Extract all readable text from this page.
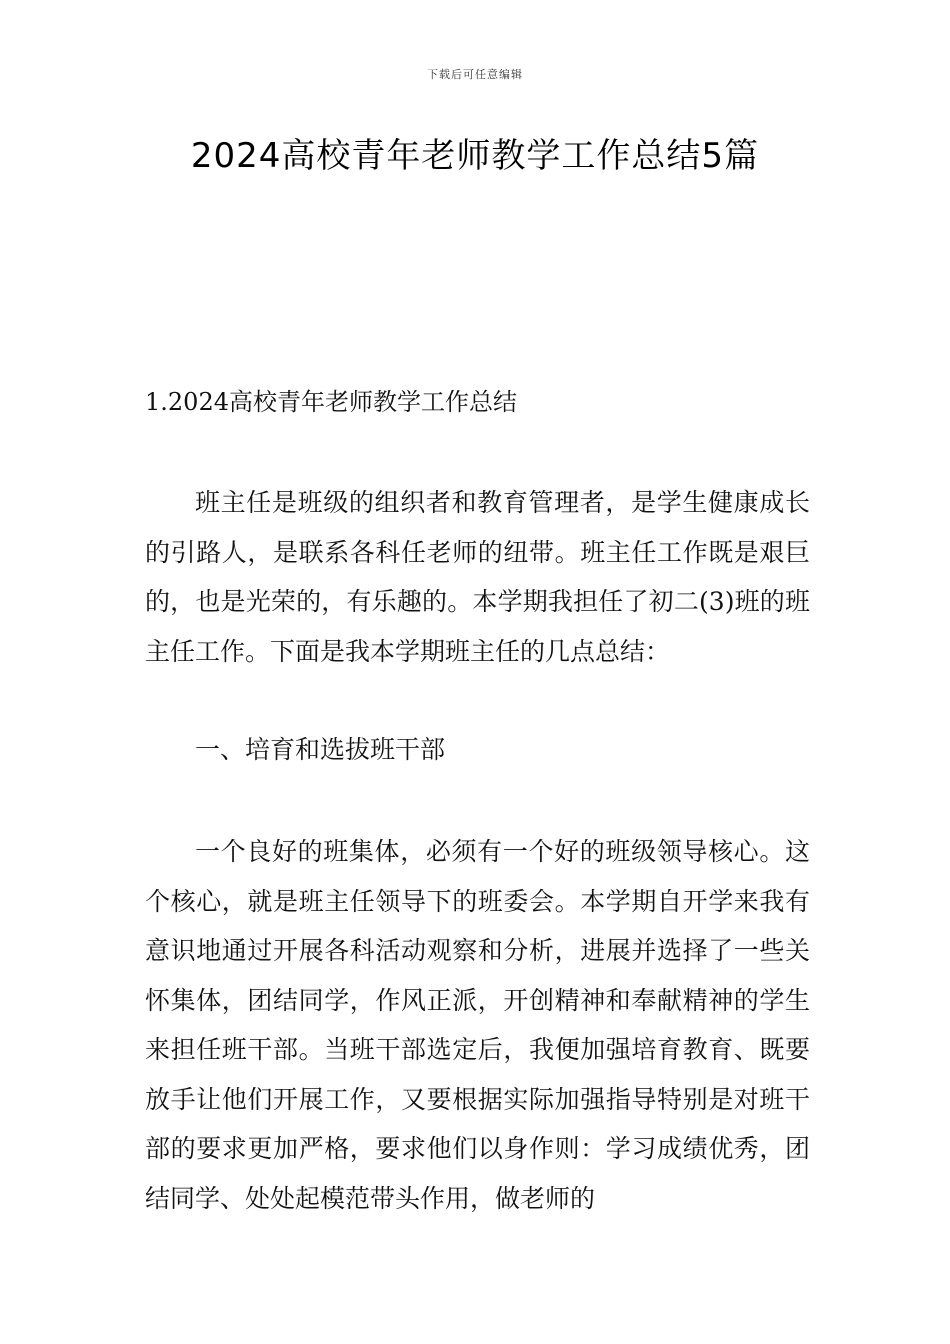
下载后可任意编辑
2024高校青年老师教学工作总结5篇
1.2024高校青年老师教学工作总结

班主任是班级的组织者和教育管理者，是学生健康成长的引路人，是联系各科任老师的纽带。班主任工作既是艰巨的，也是光荣的，有乐趣的。本学期我担任了初二(3)班的班主任工作。下面是我本学期班主任的几点总结：

一、培育和选拔班干部

一个良好的班集体，必须有一个好的班级领导核心。这个核心，就是班主任领导下的班委会。本学期自开学来我有意识地通过开展各科活动观察和分析，进展并选择了一些关怀集体，团结同学，作风正派，开创精神和奉献精神的学生来担任班干部。当班干部选定后，我便加强培育教育、既要放手让他们开展工作，又要根据实际加强指导特别是对班干部的要求更加严格，要求他们以身作则：学习成绩优秀，团结同学、处处起模范带头作用，做老师的
